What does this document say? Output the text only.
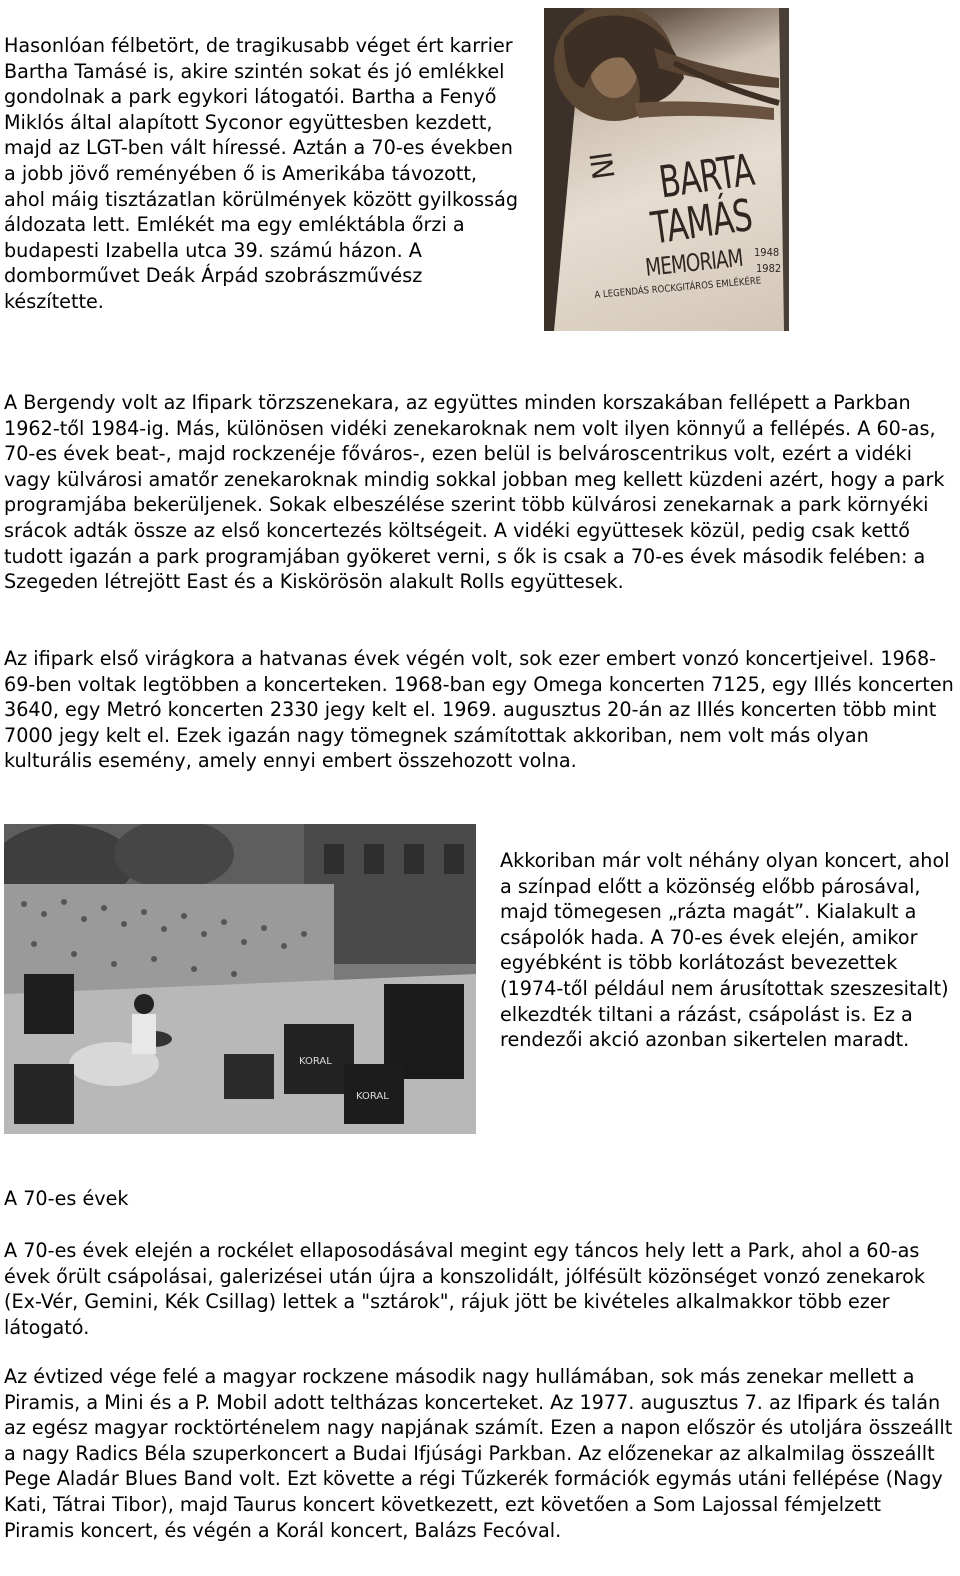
Hasonlóan félbetört, de tragikusabb véget ért karrier Bartha Tamásé is, akire szintén sokat és jó emlékkel gondolnak a park egykori látogatói. Bartha a Fenyő Miklós által alapított Syconor együttesben kezdett, majd az LGT-ben vált híressé. Aztán a 70-es években a jobb jövő reményében ő is Amerikába távozott, ahol máig tisztázatlan körülmények között gyilkosság áldozata lett. Emlékét ma egy emléktábla őrzi a budapesti Izabella utca 39. számú házon. A domborművet Deák Árpád szobrászművész készítette.

IN BARTA
TAMÁS
MEMORIAM 1948
1982
A LEGENDÁS ROCKGITÁROS EMLÉKÉRE

A Bergendy volt az Ifipark törzszenekara, az együttes minden korszakában fellépett a Parkban 1962-től 1984-ig. Más, különösen vidéki zenekaroknak nem volt ilyen könnyű a fellépés. A 60-as, 70-es évek beat-, majd rockzenéje főváros-, ezen belül is belvároscentrikus volt, ezért a vidéki vagy külvárosi amatőr zenekaroknak mindig sokkal jobban meg kellett küzdeni azért, hogy a park programjába bekerüljenek. Sokak elbeszélése szerint több külvárosi zenekarnak a park környéki srácok adták össze az első koncertezés költségeit. A vidéki együttesek közül, pedig csak kettő tudott igazán a park programjában gyökeret verni, s ők is csak a 70-es évek második felében: a Szegeden létrejött East és a Kiskörösön alakult Rolls együttesek.

Az ifipark első virágkora a hatvanas évek végén volt, sok ezer embert vonzó koncertjeivel. 1968-69-ben voltak legtöbben a koncerteken. 1968-ban egy Omega koncerten 7125, egy Illés koncerten 3640, egy Metró koncerten 2330 jegy kelt el. 1969. augusztus 20-án az Illés koncerten több mint 7000 jegy kelt el. Ezek igazán nagy tömegnek számítottak akkoriban, nem volt más olyan kulturális esemény, amely ennyi embert összehozott volna.

KORAL
KORAL

Akkoriban már volt néhány olyan koncert, ahol a színpad előtt a közönség előbb párosával, majd tömegesen „rázta magát”. Kialakult a csápolók hada. A 70-es évek elején, amikor egyébként is több korlátozást bevezettek (1974-től például nem árusítottak szeszesitalt) elkezdték tiltani a rázást, csápolást is. Ez a rendezői akció azonban sikertelen maradt.

A 70-es évek

A 70-es évek elején a rockélet ellaposodásával megint egy táncos hely lett a Park, ahol a 60-as évek őrült csápolásai, galerizései után újra a konszolidált, jólfésült közönséget vonzó zenekarok (Ex-Vér, Gemini, Kék Csillag) lettek a "sztárok", rájuk jött be kivételes alkalmakkor több ezer látogató.

Az évtized vége felé a magyar rockzene második nagy hullámában, sok más zenekar mellett a Piramis, a Mini és a P. Mobil adott teltházas koncerteket. Az 1977. augusztus 7. az Ifipark és talán az egész magyar rocktörténelem nagy napjának számít. Ezen a napon először és utoljára összeállt a nagy Radics Béla szuperkoncert a Budai Ifjúsági Parkban. Az előzenekar az alkalmilag összeállt Pege Aladár Blues Band volt. Ezt követte a régi Tűzkerék formációk egymás utáni fellépése (Nagy Kati, Tátrai Tibor), majd Taurus koncert következett, ezt követően a Som Lajossal fémjelzett Piramis koncert, és végén a Korál koncert, Balázs Fecóval.
